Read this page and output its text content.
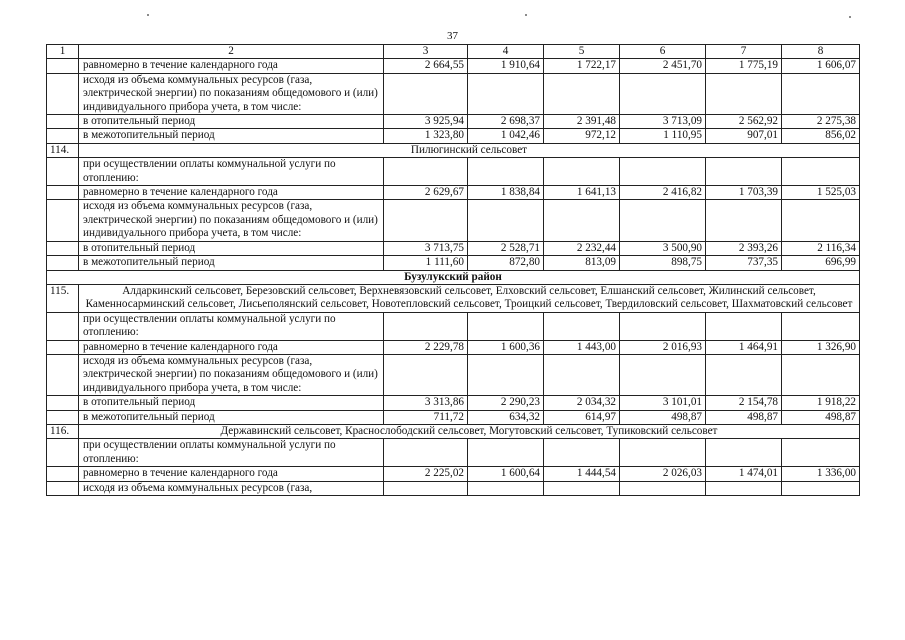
37
1	2	3	4	5	6	7	8
	равномерно в течение календарного года	2 664,55	1 910,64	1 722,17	2 451,70	1 775,19	1 606,07
	исходя из объема коммунальных ресурсов (газа, электрической энергии) по показаниям общедомового и (или) индивидуального прибора учета, в том числе:						
	в отопительный период	3 925,94	2 698,37	2 391,48	3 713,09	2 562,92	2 275,38
	в межотопительный период	1 323,80	1 042,46	972,12	1 110,95	907,01	856,02
114.	Пилюгинский сельсовет						
	при осуществлении оплаты коммунальной услуги по отоплению:						
	равномерно в течение календарного года	2 629,67	1 838,84	1 641,13	2 416,82	1 703,39	1 525,03
	исходя из объема коммунальных ресурсов (газа, электрической энергии) по показаниям общедомового и (или) индивидуального прибора учета, в том числе:						
	в отопительный период	3 713,75	2 528,71	2 232,44	3 500,90	2 393,26	2 116,34
	в межотопительный период	1 111,60	872,80	813,09	898,75	737,35	696,99
Бузулукский район							
115.	Алдаркинский сельсовет, Березовский сельсовет, Верхневязовский сельсовет, Елховский сельсовет, Елшанский сельсовет, Жилинский сельсовет, Каменносарминский сельсовет, Лисьеполянский сельсовет, Новотепловский сельсовет, Троицкий сельсовет, Твердиловский сельсовет, Шахматовский сельсовет						
	при осуществлении оплаты коммунальной услуги по отоплению:						
	равномерно в течение календарного года	2 229,78	1 600,36	1 443,00	2 016,93	1 464,91	1 326,90
	исходя из объема коммунальных ресурсов (газа, электрической энергии) по показаниям общедомового и (или) индивидуального прибора учета, в том числе:						
	в отопительный период	3 313,86	2 290,23	2 034,32	3 101,01	2 154,78	1 918,22
	в межотопительный период	711,72	634,32	614,97	498,87	498,87	498,87
116.	Державинский сельсовет, Краснослободский сельсовет, Могутовский сельсовет, Тупиковский сельсовет						
	при осуществлении оплаты коммунальной услуги по отоплению:						
	равномерно в течение календарного года	2 225,02	1 600,64	1 444,54	2 026,03	1 474,01	1 336,00
	исходя из объема коммунальных ресурсов (газа,						
